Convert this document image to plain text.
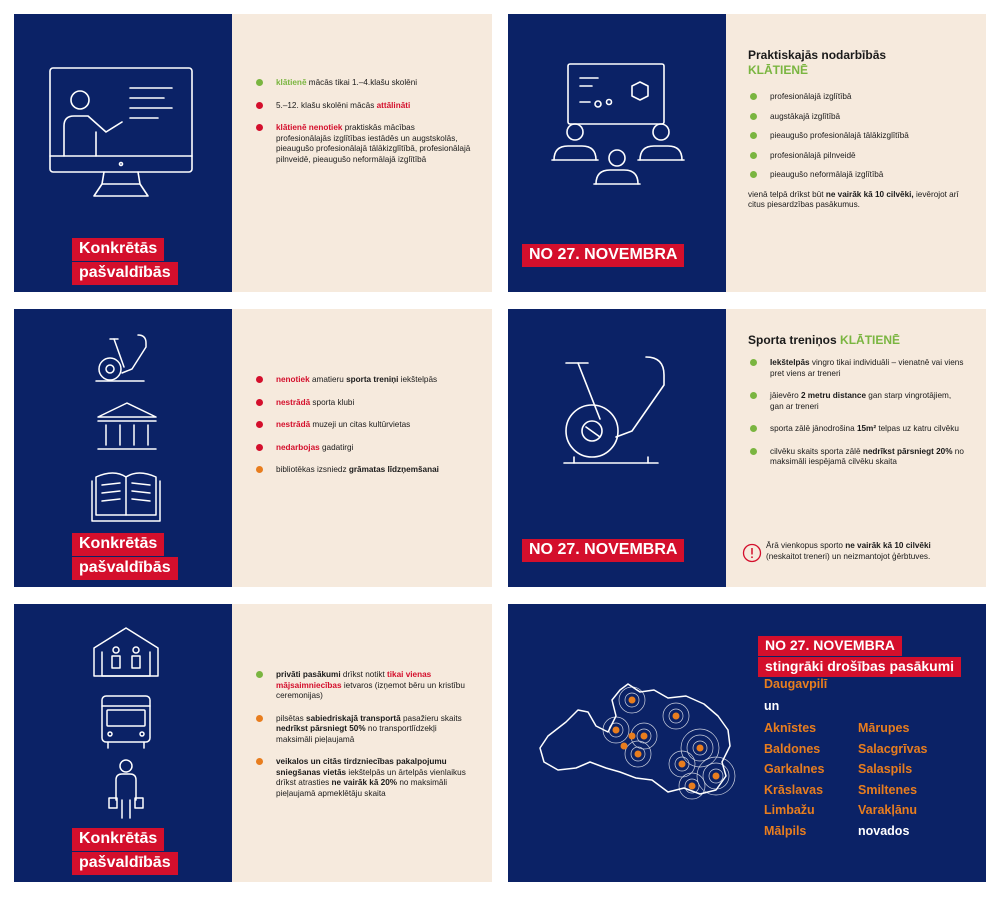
Konkrētās
pašvaldībās
klātienē mācās tikai 1.–4.klašu skolēni
5.–12. klašu skolēni mācās attālināti
klātienē nenotiek praktiskās mācības profesionālajās izglītības iestādēs un augstskolās, pieaugušo profesionālajā tālākizglītībā, profesionālajā pilnveidē, pieaugušo neformālajā izglītībā
NO 27. NOVEMBRA
Praktiskajās nodarbībās
KLĀTIENĒ
profesionālajā izglītībā
augstākajā izglītībā
pieaugušo profesionālajā tālākizglītībā
profesionālajā pilnveidē
pieaugušo neformālajā izglītībā
vienā telpā drīkst būt ne vairāk kā 10 cilvēki, ievērojot arī citus piesardzības pasākumus.
Konkrētās
pašvaldībās
nenotiek amatieru sporta treniņi iekštelpās
nestrādā sporta klubi
nestrādā muzeji un citas kultūrvietas
nedarbojas gadatirgi
bibliotēkas izsniedz grāmatas līdzņemšanai
NO 27. NOVEMBRA
Sporta treniņos KLĀTIENĒ
Iekštelpās vingro tikai individuāli – vienatnē vai viens pret viens ar treneri
jāievēro 2 metru distance gan starp vingrotājiem, gan ar treneri
sporta zālē jānodrošina 15m² telpas uz katru cilvēku
cilvēku skaits sporta zālē nedrīkst pārsniegt 20% no maksimāli iespējamā cilvēku skaita
Ārā vienkopus sporto ne vairāk kā 10 cilvēki (neskaitot treneri) un neizmantojot ģērbtuves.
Konkrētās
pašvaldībās
privāti pasākumi drīkst notikt tikai vienas mājsaimniecības ietvaros (izņemot bēru un kristību ceremonijas)
pilsētas sabiedriskajā transportā pasažieru skaits nedrīkst pārsniegt 50% no transportlīdzekļi maksimāli pieļaujamā
veikalos un citās tirdzniecības pakalpojumu sniegšanas vietās iekštelpās un ārtelpās vienlaikus drīkst atrasties ne vairāk kā 20% no maksimāli pieļaujamā apmeklētāju skaita
NO 27. NOVEMBRA
stingrāki drošības pasākumi
Daugavpilī
un
Aknīstes
Baldones
Garkalnes
Krāslavas
Limbažu
Mālpils
Mārupes
Salacgrīvas
Salaspils
Smiltenes
Varakļānu
novados
